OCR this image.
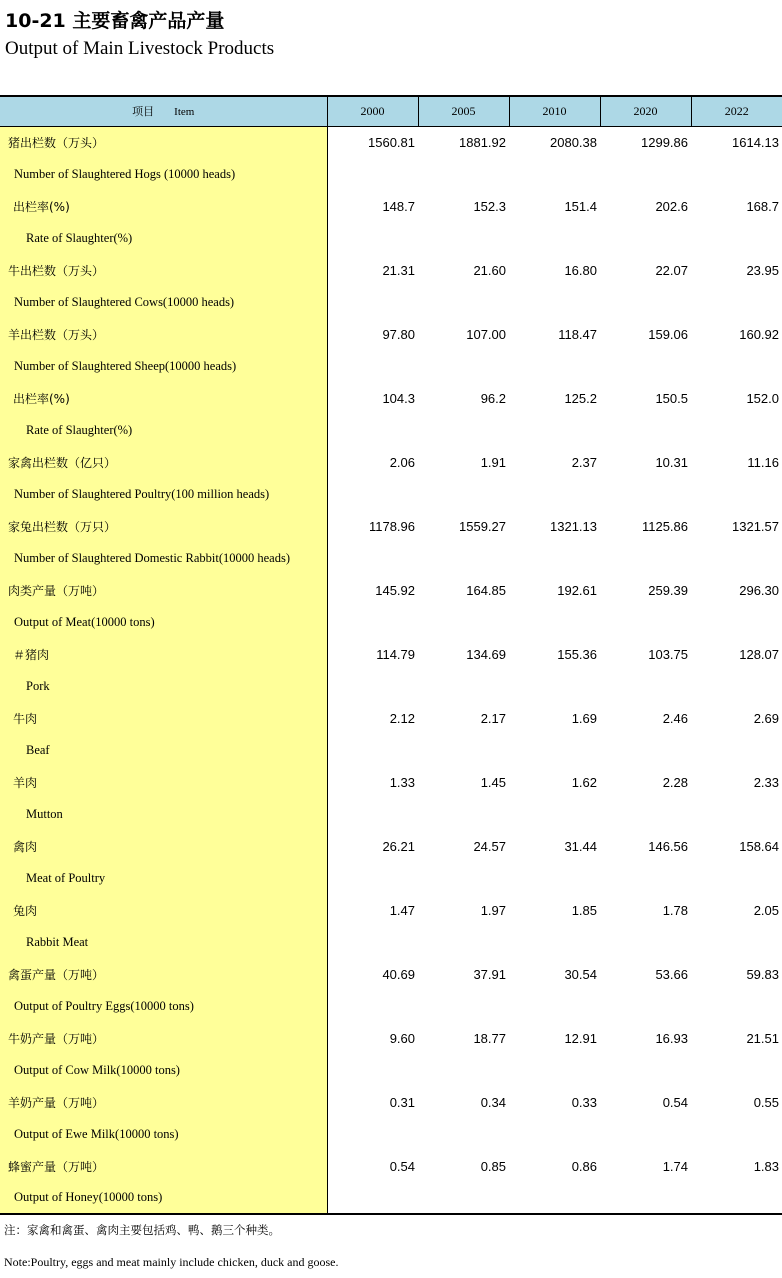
10-21 主要畜禽产品产量
Output of Main Livestock Products
项目 Item	2000	2005	2010	2020	2022
猪出栏数（万头）	1560.81	1881.92	2080.38	1299.86	1614.13
Number of Slaughtered Hogs (10000 heads)					
出栏率(%)	148.7	152.3	151.4	202.6	168.7
Rate of Slaughter(%)					
牛出栏数（万头）	21.31	21.60	16.80	22.07	23.95
Number of Slaughtered Cows(10000 heads)					
羊出栏数（万头）	97.80	107.00	118.47	159.06	160.92
Number of Slaughtered Sheep(10000 heads)					
出栏率(%)	104.3	96.2	125.2	150.5	152.0
Rate of Slaughter(%)					
家禽出栏数（亿只）	2.06	1.91	2.37	10.31	11.16
Number of Slaughtered Poultry(100 million heads)					
家兔出栏数（万只）	1178.96	1559.27	1321.13	1125.86	1321.57
Number of Slaughtered Domestic Rabbit(10000 heads)					
肉类产量（万吨）	145.92	164.85	192.61	259.39	296.30
Output of Meat(10000 tons)					
＃猪肉	114.79	134.69	155.36	103.75	128.07
Pork					
牛肉	2.12	2.17	1.69	2.46	2.69
Beaf					
羊肉	1.33	1.45	1.62	2.28	2.33
Mutton					
禽肉	26.21	24.57	31.44	146.56	158.64
Meat of Poultry					
兔肉	1.47	1.97	1.85	1.78	2.05
Rabbit Meat					
禽蛋产量（万吨）	40.69	37.91	30.54	53.66	59.83
Output of Poultry Eggs(10000 tons)					
牛奶产量（万吨）	9.60	18.77	12.91	16.93	21.51
Output of Cow Milk(10000 tons)					
羊奶产量（万吨）	0.31	0.34	0.33	0.54	0.55
Output of Ewe Milk(10000 tons)					
蜂蜜产量（万吨）	0.54	0.85	0.86	1.74	1.83
Output of Honey(10000 tons)					
注：家禽和禽蛋、禽肉主要包括鸡、鸭、鹅三个种类。
Note:Poultry, eggs and meat mainly include chicken, duck and goose.
